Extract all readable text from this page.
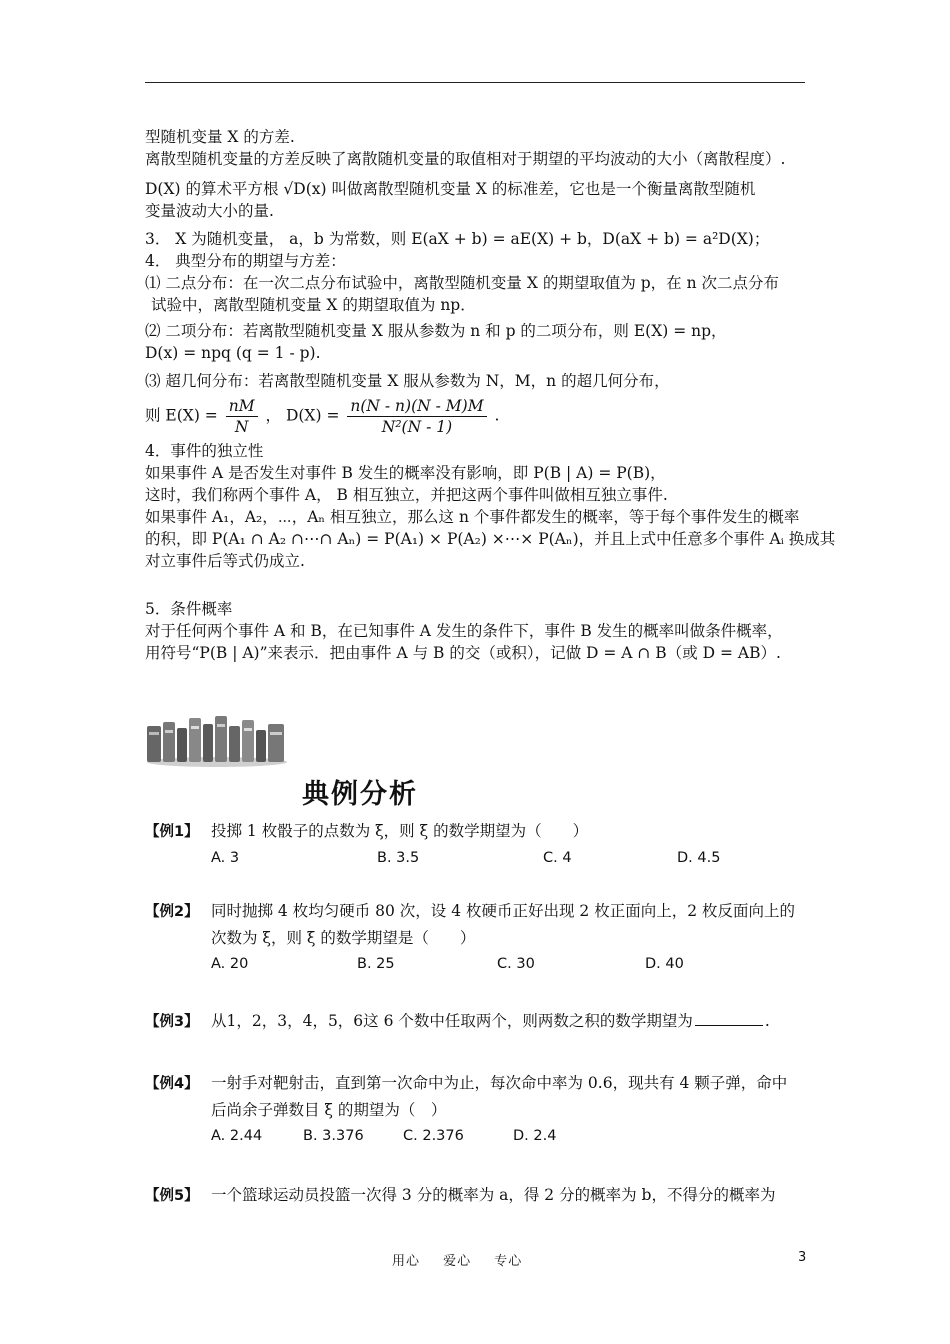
型随机变量 X 的方差.
离散型随机变量的方差反映了离散随机变量的取值相对于期望的平均波动的大小（离散程度）.
D(X) 的算术平方根 √D(x) 叫做离散型随机变量 X 的标准差，它也是一个衡量离散型随机
变量波动大小的量.
3． X 为随机变量， a，b 为常数，则 E(aX + b) = aE(X) + b，D(aX + b) = a²D(X)；
4． 典型分布的期望与方差：
⑴ 二点分布：在一次二点分布试验中，离散型随机变量 X 的期望取值为 p，在 n 次二点分布
试验中，离散型随机变量 X 的期望取值为 np．
⑵ 二项分布：若离散型随机变量 X 服从参数为 n 和 p 的二项分布，则 E(X) = np，
D(x) = npq (q = 1 - p).
⑶ 超几何分布：若离散型随机变量 X 服从参数为 N，M，n 的超几何分布，
则 $E(X) = \frac{nM}{N}$ ， $D(X) = \frac{n(N - n)(N - M)M}{\text{N²(N - 1)}}$ .
4．事件的独立性
如果事件 A 是否发生对事件 B 发生的概率没有影响，即 P(B | A) = P(B)，
这时，我们称两个事件 A， B 相互独立，并把这两个事件叫做相互独立事件.
如果事件 A₁，A₂，⋯，Aₙ 相互独立，那么这 n 个事件都发生的概率，等于每个事件发生的概率
的积，即 P(A₁ ∩ A₂ ∩⋯∩ Aₙ) = P(A₁) × P(A₂) ×⋯× P(Aₙ)，并且上式中任意多个事件 Aᵢ 换成其
对立事件后等式仍成立.
5．条件概率
对于任何两个事件 A 和 B，在已知事件 A 发生的条件下，事件 B 发生的概率叫做条件概率，
用符号“P(B | A)”来表示．把由事件 A 与 B 的交（或积），记做 D = A ∩ B（或 D = AB）.
典例分析
【例1】 投掷 1 枚骰子的点数为 ξ，则 ξ 的数学期望为（　　）
A. 3	B. 3.5	C. 4	D. 4.5
【例2】 同时抛掷 4 枚均匀硬币 80 次，设 4 枚硬币正好出现 2 枚正面向上，2 枚反面向上的
次数为 ξ，则 ξ 的数学期望是（　　）
A. 20	B. 25	C. 30	D. 40
【例3】 从1，2，3，4，5，6这 6 个数中任取两个，则两数之积的数学期望为	.
【例4】 一射手对靶射击，直到第一次命中为止，每次命中率为 0.6，现共有 4 颗子弹，命中
后尚余子弹数目 ξ 的期望为（　）
A. 2.44	B. 3.376	C. 2.376	D. 2.4
【例5】 一个篮球运动员投篮一次得 3 分的概率为 a，得 2 分的概率为 b，不得分的概率为
用心 爱心 专心	3
